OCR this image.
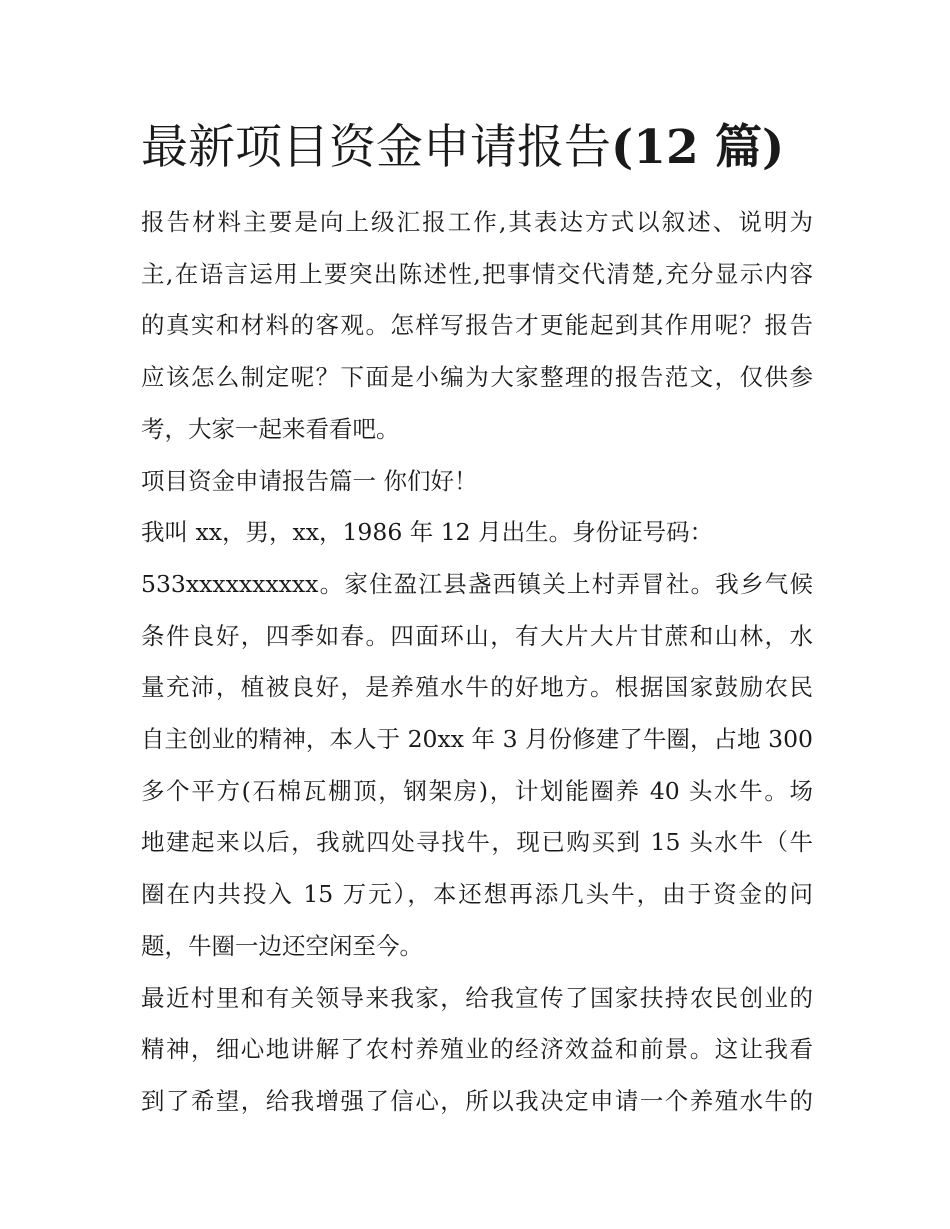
最新项目资金申请报告(12 篇)

报告材料主要是向上级汇报工作,其表达方式以叙述、说明为
主,在语言运用上要突出陈述性,把事情交代清楚,充分显示内容
的真实和材料的客观。怎样写报告才更能起到其作用呢？报告
应该怎么制定呢？下面是小编为大家整理的报告范文，仅供参
考，大家一起来看看吧。

项目资金申请报告篇一 你们好！

我叫 xx，男，xx，1986 年 12 月出生。身份证号码：
533xxxxxxxxxx。家住盈江县盏西镇关上村弄冒社。我乡气候
条件良好，四季如春。四面环山，有大片大片甘蔗和山林，水
量充沛，植被良好，是养殖水牛的好地方。根据国家鼓励农民
自主创业的精神，本人于 20xx 年 3 月份修建了牛圈，占地 300
多个平方(石棉瓦棚顶，钢架房)，计划能圈养 40 头水牛。场
地建起来以后，我就四处寻找牛，现已购买到 15 头水牛（牛
圈在内共投入 15 万元），本还想再添几头牛，由于资金的问
题，牛圈一边还空闲至今。

最近村里和有关领导来我家，给我宣传了国家扶持农民创业的
精神，细心地讲解了农村养殖业的经济效益和前景。这让我看
到了希望，给我增强了信心，所以我决定申请一个养殖水牛的
